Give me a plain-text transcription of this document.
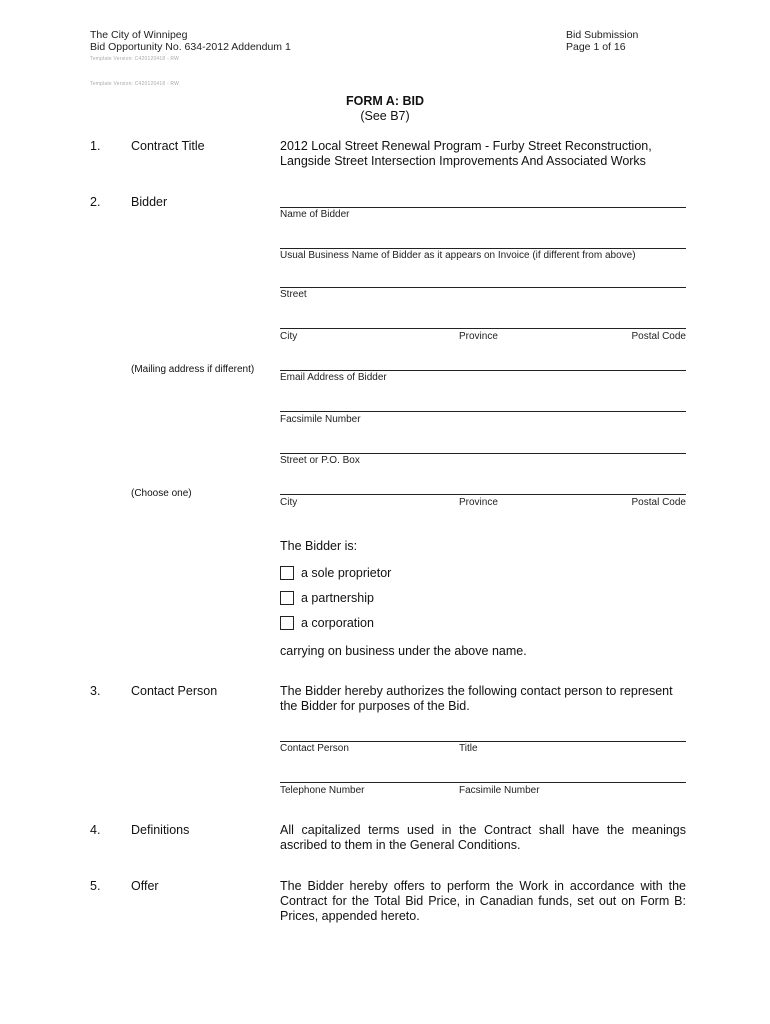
The City of Winnipeg
Bid Opportunity No. 634-2012 Addendum 1
Bid Submission
Page 1 of 16
Template Version: C420120418 - RW
Template Version: C420120418 - RW
FORM A: BID
(See B7)
1. Contract Title	2012 Local Street Renewal Program - Furby Street Reconstruction, Langside Street Intersection Improvements And Associated Works
2. Bidder
Name of Bidder
Usual Business Name of Bidder as it appears on Invoice (if different from above)
Street
City	Province	Postal Code
(Mailing address if different)
Email Address of Bidder
Facsimile Number
Street or P.O. Box
(Choose one)
City	Province	Postal Code
The Bidder is:
a sole proprietor
a partnership
a corporation
carrying on business under the above name.
3. Contact Person	The Bidder hereby authorizes the following contact person to represent the Bidder for purposes of the Bid.
Contact Person	Title
Telephone Number	Facsimile Number
4. Definitions	All capitalized terms used in the Contract shall have the meanings ascribed to them in the General Conditions.
5. Offer	The Bidder hereby offers to perform the Work in accordance with the Contract for the Total Bid Price, in Canadian funds, set out on Form B: Prices, appended hereto.
